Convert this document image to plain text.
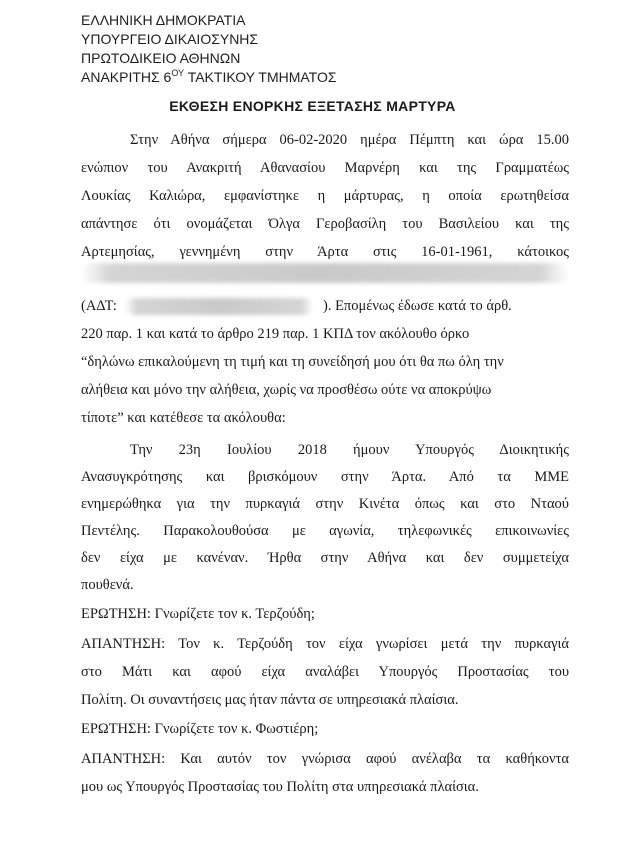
ΕΛΛΗΝΙΚΗ ΔΗΜΟΚΡΑΤΙΑ
ΥΠΟΥΡΓΕΙΟ ΔΙΚΑΙΟΣΥΝΗΣ
ΠΡΩΤΟΔΙΚΕΙΟ ΑΘΗΝΩΝ
ΑΝΑΚΡΙΤΗΣ $6^{O\Upsilon}$ ΤΑΚΤΙΚΟΥ ΤΜΗΜΑΤΟΣ
ΕΚΘΕΣΗ ΕΝΟΡΚΗΣ ΕΞΕΤΑΣΗΣ ΜΑΡΤΥΡΑ
Στην Αθήνα σήμερα 06-02-2020 ημέρα Πέμπτη και ώρα 15.00
ενώπιον του Ανακριτή Αθανασίου Μαρνέρη και της Γραμματέως
Λουκίας Καλιώρα, εμφανίστηκε η μάρτυρας, η οποία ερωτηθείσα
απάντησε ότι ονομάζεται Όλγα Γεροβασίλη του Βασιλείου και της
Αρτεμησίας, γεννημένη στην Άρτα στις 16-01-1961, κάτοικος
(ΑΔΤ:	). Επομένως έδωσε κατά το άρθ.
220 παρ. 1 και κατά το άρθρο 219 παρ. 1 ΚΠΔ τον ακόλουθο όρκο
“δηλώνω επικαλούμενη τη τιμή και τη συνείδησή μου ότι θα πω όλη την
αλήθεια και μόνο την αλήθεια, χωρίς να προσθέσω ούτε να αποκρύψω
τίποτε” και κατέθεσε τα ακόλουθα:
Την 23η Ιουλίου 2018 ήμουν Υπουργός Διοικητικής
Ανασυγκρότησης και βρισκόμουν στην Άρτα. Από τα ΜΜΕ
ενημερώθηκα για την πυρκαγιά στην Κινέτα όπως και στο Νταού
Πεντέλης. Παρακολουθούσα με αγωνία, τηλεφωνικές επικοινωνίες
δεν είχα με κανέναν. Ήρθα στην Αθήνα και δεν συμμετείχα
πουθενά.
ΕΡΩΤΗΣΗ: Γνωρίζετε τον κ. Τερζούδη;
ΑΠΑΝΤΗΣΗ: Τον κ. Τερζούδη τον είχα γνωρίσει μετά την πυρκαγιά
στο Μάτι και αφού είχα αναλάβει Υπουργός Προστασίας του
Πολίτη. Οι συναντήσεις μας ήταν πάντα σε υπηρεσιακά πλαίσια.
ΕΡΩΤΗΣΗ: Γνωρίζετε τον κ. Φωστιέρη;
ΑΠΑΝΤΗΣΗ: Και αυτόν τον γνώρισα αφού ανέλαβα τα καθήκοντα
μου ως Υπουργός Προστασίας του Πολίτη στα υπηρεσιακά πλαίσια.
